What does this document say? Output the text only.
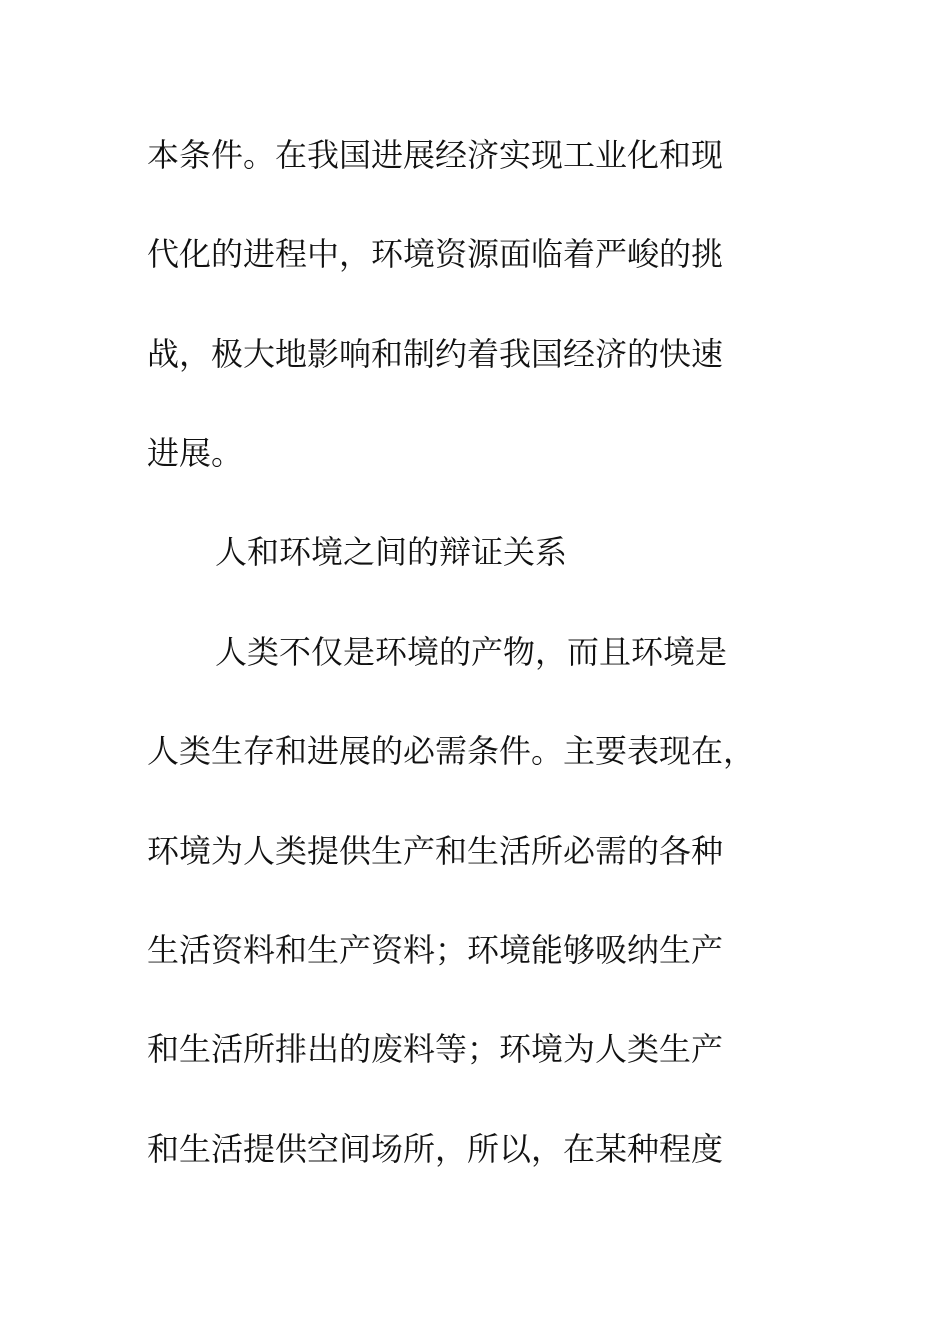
本条件。在我国进展经济实现工业化和现
代化的进程中，环境资源面临着严峻的挑
战，极大地影响和制约着我国经济的快速
进展。
人和环境之间的辩证关系
人类不仅是环境的产物，而且环境是
人类生存和进展的必需条件。主要表现在，
环境为人类提供生产和生活所必需的各种
生活资料和生产资料；环境能够吸纳生产
和生活所排出的废料等；环境为人类生产
和生活提供空间场所，所以，在某种程度
